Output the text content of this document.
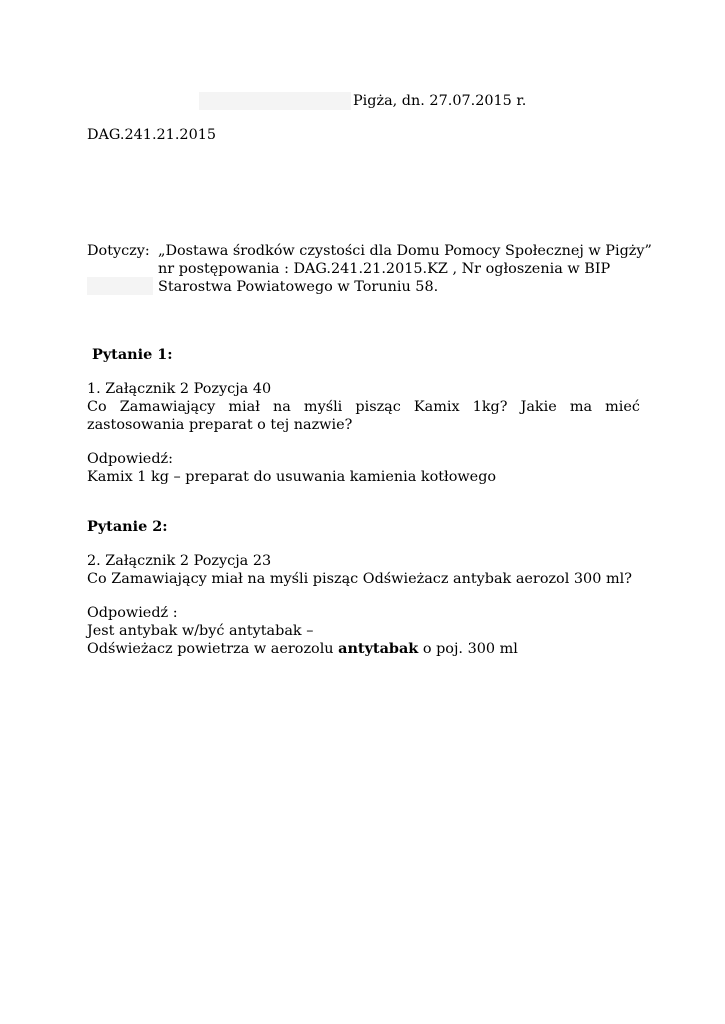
Pigża, dn. 27.07.2015 r.
DAG.241.21.2015
Dotyczy: „Dostawa środków czystości dla Domu Pomocy Społecznej w Pigży”
nr postępowania : DAG.241.21.2015.KZ , Nr ogłoszenia w BIP
Starostwa Powiatowego w Toruniu 58.
Pytanie 1:
1. Załącznik 2 Pozycja 40
Co Zamawiający miał na myśli pisząc Kamix 1kg? Jakie ma mieć
zastosowania preparat o tej nazwie?
Odpowiedź:
Kamix 1 kg – preparat do usuwania kamienia kotłowego
Pytanie 2:
2. Załącznik 2 Pozycja 23
Co Zamawiający miał na myśli pisząc Odświeżacz antybak aerozol 300 ml?
Odpowiedź :
Jest antybak w/być antytabak –
Odświeżacz powietrza w aerozolu antytabak o poj. 300 ml
